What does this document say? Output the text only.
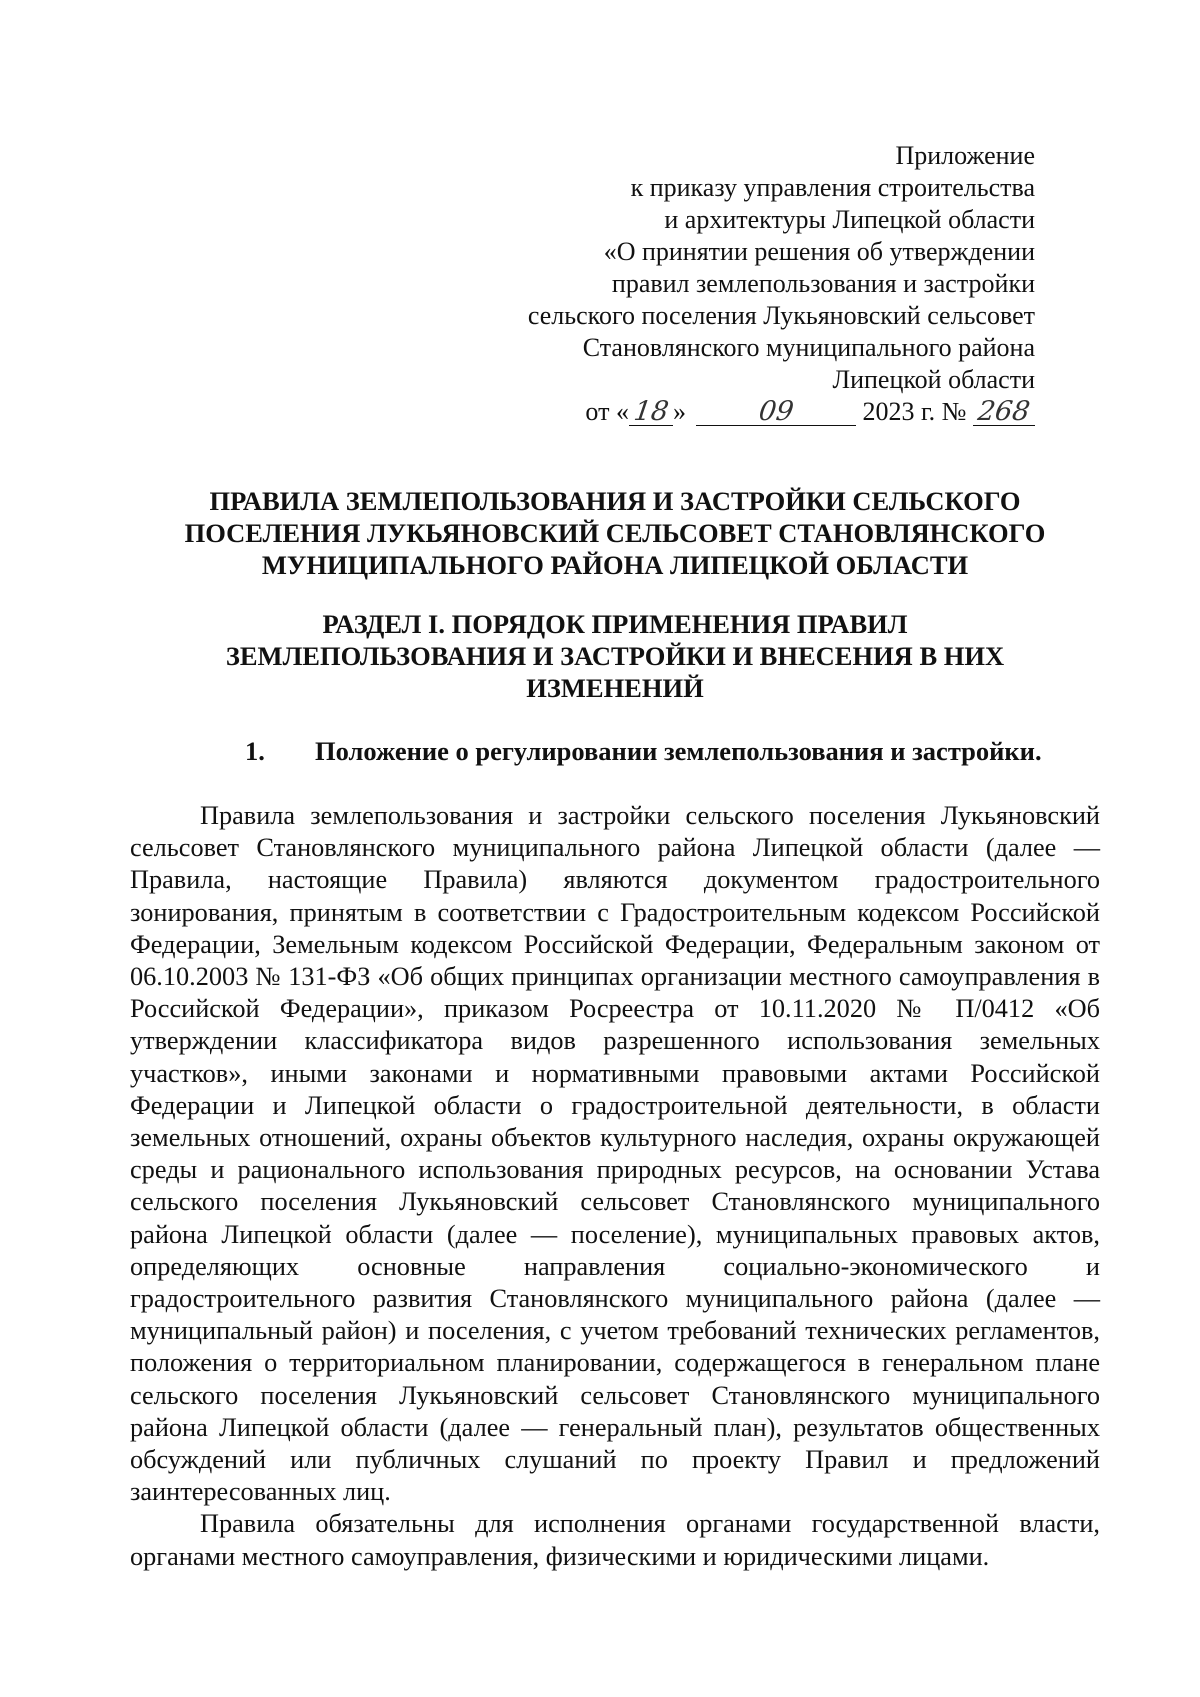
Приложение
к приказу управления строительства
и архитектуры Липецкой области
«О принятии решения об утверждении
правил землепользования и застройки
сельского поселения Лукьяновский сельсовет
Становлянского муниципального района
Липецкой области
от « 18»	09	2023 г. № 268
ПРАВИЛА ЗЕМЛЕПОЛЬЗОВАНИЯ И ЗАСТРОЙКИ СЕЛЬСКОГО
ПОСЕЛЕНИЯ ЛУКЬЯНОВСКИЙ СЕЛЬСОВЕТ СТАНОВЛЯНСКОГО
МУНИЦИПАЛЬНОГО РАЙОНА ЛИПЕЦКОЙ ОБЛАСТИ
РАЗДЕЛ I. ПОРЯДОК ПРИМЕНЕНИЯ ПРАВИЛ
ЗЕМЛЕПОЛЬЗОВАНИЯ И ЗАСТРОЙКИ И ВНЕСЕНИЯ В НИХ
ИЗМЕНЕНИЙ
1. Положение о регулировании землепользования и застройки.

Правила землепользования и застройки сельского поселения Лукьяновский сельсовет Становлянского муниципального района Липецкой области (далее — Правила, настоящие Правила) являются документом градостроительного зонирования, принятым в соответствии с Градостроительным кодексом Российской Федерации, Земельным кодексом Российской Федерации, Федеральным законом от 06.10.2003 № 131-ФЗ «Об общих принципах организации местного самоуправления в Российской Федерации», приказом Росреестра от 10.11.2020 № П/0412 «Об утверждении классификатора видов разрешенного использования земельных участков», иными законами и нормативными правовыми актами Российской Федерации и Липецкой области о градостроительной деятельности, в области земельных отношений, охраны объектов культурного наследия, охраны окружающей среды и рационального использования природных ресурсов, на основании Устава сельского поселения Лукьяновский сельсовет Становлянского муниципального района Липецкой области (далее — поселение), муниципальных правовых актов, определяющих основные направления социально-экономического и градостроительного развития Становлянского муниципального района (далее — муниципальный район) и поселения, с учетом требований технических регламентов, положения о территориальном планировании, содержащегося в генеральном плане сельского поселения Лукьяновский сельсовет Становлянского муниципального района Липецкой области (далее — генеральный план), результатов общественных обсуждений или публичных слушаний по проекту Правил и предложений заинтересованных лиц.

Правила обязательны для исполнения органами государственной власти, органами местного самоуправления, физическими и юридическими лицами.
